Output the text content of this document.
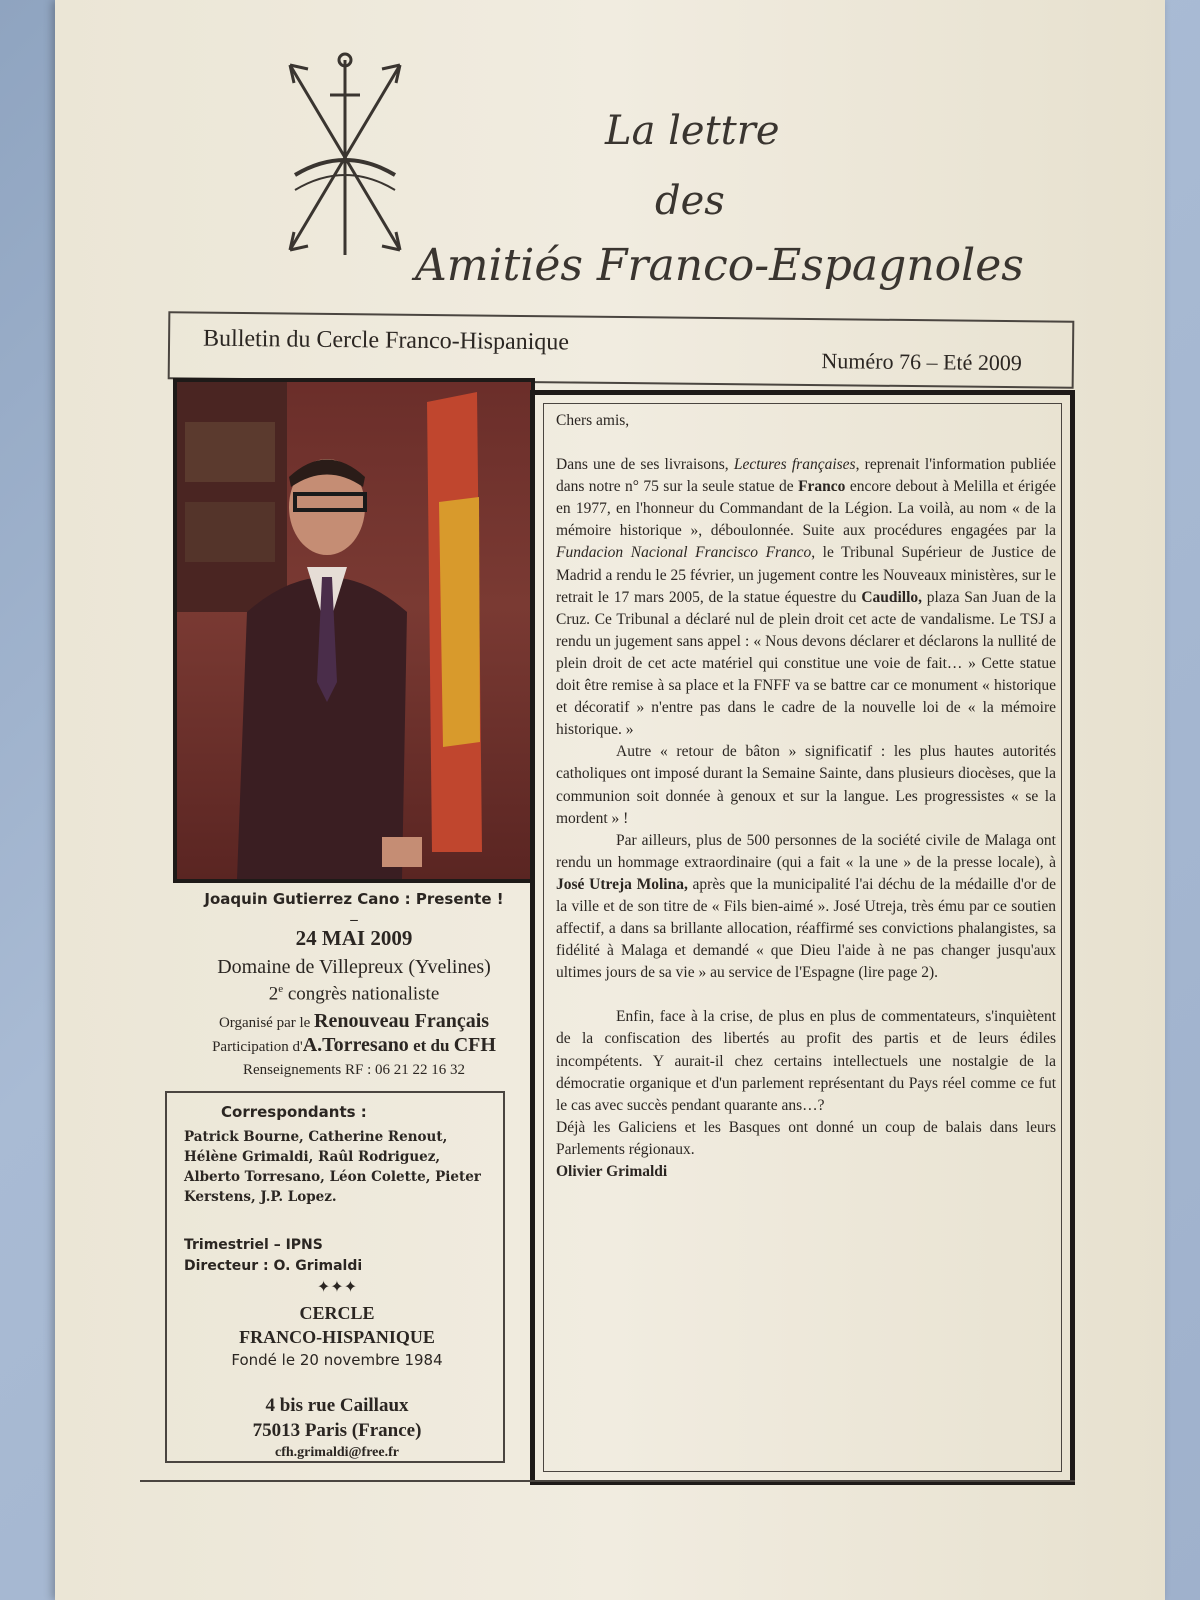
La lettre
des
Amitiés Franco-Espagnoles
Bulletin du Cercle Franco-Hispanique
Numéro 76 – Eté 2009
Joaquin Gutierrez Cano : Presente !
–
24 MAI 2009
Domaine de Villepreux (Yvelines)
2e congrès nationaliste
Organisé par le Renouveau Français
Participation d'A.Torresano et du CFH
Renseignements RF : 06 21 22 16 32
Correspondants :
Patrick Bourne, Catherine Renout, Hélène Grimaldi, Raûl Rodriguez, Alberto Torresano, Léon Colette, Pieter Kerstens, J.P. Lopez.
Trimestriel – IPNS
Directeur : O. Grimaldi
✦✦✦
CERCLE
FRANCO-HISPANIQUE
Fondé le 20 novembre 1984
4 bis rue Caillaux
75013 Paris (France)
cfh.grimaldi@free.fr

Chers amis,

Dans une de ses livraisons, Lectures françaises, reprenait l'information publiée dans notre n° 75 sur la seule statue de Franco encore debout à Melilla et érigée en 1977, en l'honneur du Commandant de la Légion. La voilà, au nom « de la mémoire historique », déboulonnée. Suite aux procédures engagées par la Fundacion Nacional Francisco Franco, le Tribunal Supérieur de Justice de Madrid a rendu le 25 février, un jugement contre les Nouveaux ministères, sur le retrait le 17 mars 2005, de la statue équestre du Caudillo, plaza San Juan de la Cruz. Ce Tribunal a déclaré nul de plein droit cet acte de vandalisme. Le TSJ a rendu un jugement sans appel : « Nous devons déclarer et déclarons la nullité de plein droit de cet acte matériel qui constitue une voie de fait… » Cette statue doit être remise à sa place et la FNFF va se battre car ce monument « historique et décoratif » n'entre pas dans le cadre de la nouvelle loi de « la mémoire historique. »

Autre « retour de bâton » significatif : les plus hautes autorités catholiques ont imposé durant la Semaine Sainte, dans plusieurs diocèses, que la communion soit donnée à genoux et sur la langue. Les progressistes « se la mordent » !

Par ailleurs, plus de 500 personnes de la société civile de Malaga ont rendu un hommage extraordinaire (qui a fait « la une » de la presse locale), à José Utreja Molina, après que la municipalité l'ai déchu de la médaille d'or de la ville et de son titre de « Fils bien-aimé ». José Utreja, très ému par ce soutien affectif, a dans sa brillante allocation, réaffirmé ses convictions phalangistes, sa fidélité à Malaga et demandé « que Dieu l'aide à ne pas changer jusqu'aux ultimes jours de sa vie » au service de l'Espagne (lire page 2).

Enfin, face à la crise, de plus en plus de commentateurs, s'inquiètent de la confiscation des libertés au profit des partis et de leurs édiles incompétents. Y aurait-il chez certains intellectuels une nostalgie de la démocratie organique et d'un parlement représentant du Pays réel comme ce fut le cas avec succès pendant quarante ans…?

Déjà les Galiciens et les Basques ont donné un coup de balais dans leurs Parlements régionaux.

Olivier Grimaldi
